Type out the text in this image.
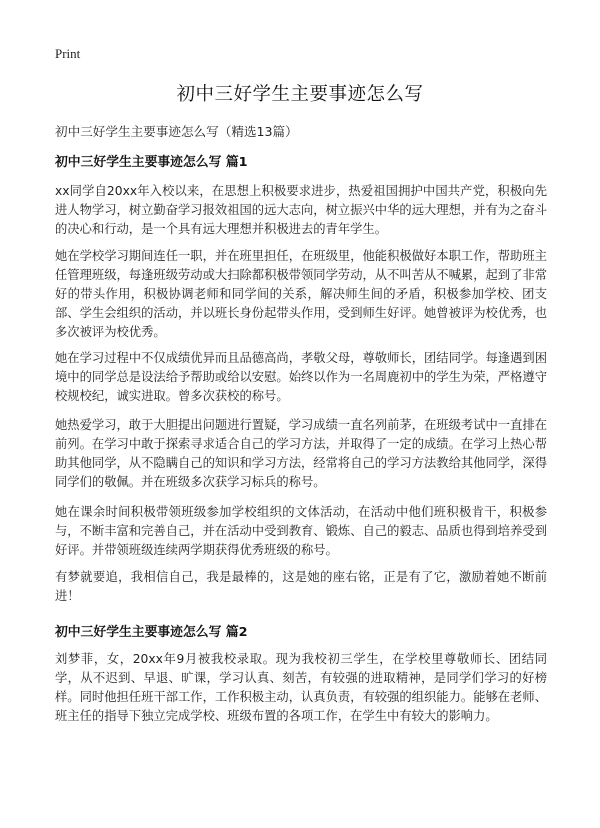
Print
初中三好学生主要事迹怎么写

初中三好学生主要事迹怎么写（精选13篇）

初中三好学生主要事迹怎么写 篇1

xx同学自20xx年入校以来，在思想上积极要求进步，热爱祖国拥护中国共产党，积极向先进人物学习，树立勤奋学习报效祖国的远大志向，树立振兴中华的远大理想，并有为之奋斗的决心和行动，是一个具有远大理想并积极进去的青年学生。

她在学校学习期间连任一职，并在班里担任，在班级里，他能积极做好本职工作，帮助班主任管理班级，每逢班级劳动或大扫除都积极带领同学劳动，从不叫苦从不喊累，起到了非常好的带头作用，积极协调老师和同学间的关系，解决师生间的矛盾，积极参加学校、团支部、学生会组织的活动，并以班长身份起带头作用，受到师生好评。她曾被评为校优秀，也多次被评为校优秀。

她在学习过程中不仅成绩优异而且品德高尚，孝敬父母，尊敬师长，团结同学。每逢遇到困境中的同学总是设法给予帮助或给以安慰。始终以作为一名周鹿初中的学生为荣，严格遵守校规校纪，诚实进取。曾多次获校的称号。

她热爱学习，敢于大胆提出问题进行置疑，学习成绩一直名列前茅，在班级考试中一直排在前列。在学习中敢于探索寻求适合自己的学习方法，并取得了一定的成绩。在学习上热心帮助其他同学，从不隐瞒自己的知识和学习方法，经常将自己的学习方法教给其他同学，深得同学们的敬佩。并在班级多次获学习标兵的称号。

她在课余时间积极带领班级参加学校组织的文体活动，在活动中他们班积极肯干，积极参与，不断丰富和完善自己，并在活动中受到教育、锻炼、自己的毅志、品质也得到培养受到好评。并带领班级连续两学期获得优秀班级的称号。

有梦就要追，我相信自己，我是最棒的，这是她的座右铭，正是有了它，激励着她不断前进！

初中三好学生主要事迹怎么写 篇2

刘梦菲，女，20xx年9月被我校录取。现为我校初三学生，在学校里尊敬师长、团结同学，从不迟到、早退、旷课，学习认真、刻苦，有较强的进取精神，是同学们学习的好榜样。同时他担任班干部工作，工作积极主动，认真负责，有较强的组织能力。能够在老师、班主任的指导下独立完成学校、班级布置的各项工作，在学生中有较大的影响力。
